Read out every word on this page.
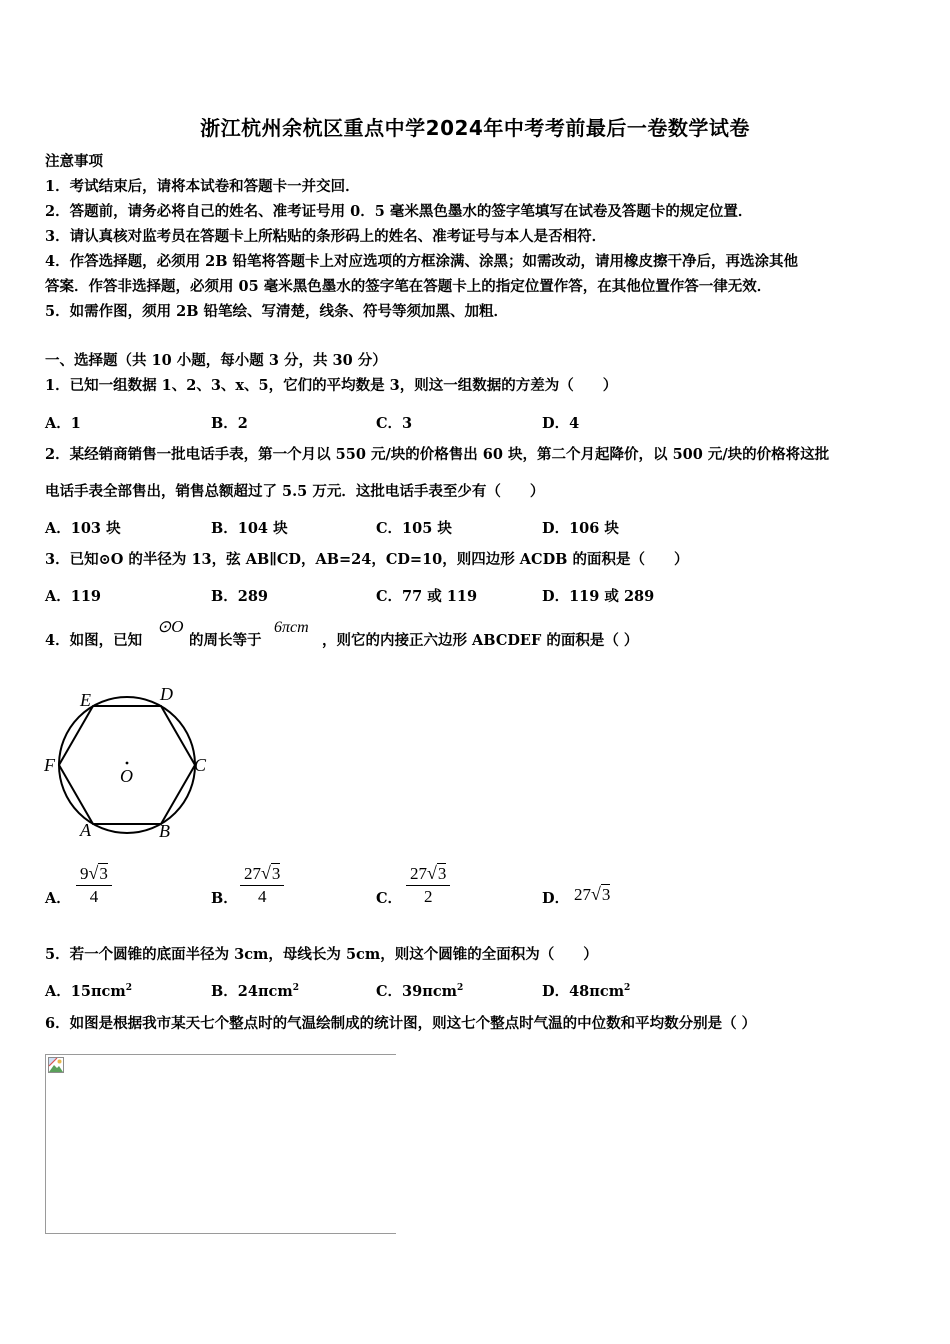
浙江杭州余杭区重点中学2024年中考考前最后一卷数学试卷
注意事项
1．考试结束后，请将本试卷和答题卡一并交回．
2．答题前，请务必将自己的姓名、准考证号用 0．5 毫米黑色墨水的签字笔填写在试卷及答题卡的规定位置．
3．请认真核对监考员在答题卡上所粘贴的条形码上的姓名、准考证号与本人是否相符．
4．作答选择题，必须用 2B 铅笔将答题卡上对应选项的方框涂满、涂黑；如需改动，请用橡皮擦干净后，再选涂其他
答案．作答非选择题，必须用 05 毫米黑色墨水的签字笔在答题卡上的指定位置作答，在其他位置作答一律无效．
5．如需作图，须用 2B 铅笔绘、写清楚，线条、符号等须加黑、加粗．
一、选择题（共 10 小题，每小题 3 分，共 30 分）
1．已知一组数据 1、2、3、x、5，它们的平均数是 3，则这一组数据的方差为（　　）
A．1	B．2	C．3	D．4
2．某经销商销售一批电话手表，第一个月以 550 元/块的价格售出 60 块，第二个月起降价，以 500 元/块的价格将这批
电话手表全部售出，销售总额超过了 5.5 万元．这批电话手表至少有（　　）
A．103 块	B．104 块	C．105 块	D．106 块
3．已知⊙O 的半径为 13，弦 AB∥CD，AB=24，CD=10，则四边形 ACDB 的面积是（　　）
A．119	B．289	C．77 或 119	D．119 或 289
4．如图，已知
⊙O
的周长等于
6πcm
，则它的内接正六边形 ABCDEF 的面积是（ ）
E	D
F	C
O
A	B
A． $\frac{9√3}{4}$	B． $\frac{27√3}{4}$	C． $\frac{27√3}{2}$	D． 27√3
5．若一个圆锥的底面半径为 3cm，母线长为 5cm，则这个圆锥的全面积为（　　）
A．15πcm$^2$	B．24πcm$^2$	C．39πcm$^2$	D．48πcm$^2$
6．如图是根据我市某天七个整点时的气温绘制成的统计图，则这七个整点时气温的中位数和平均数分别是（ ）
